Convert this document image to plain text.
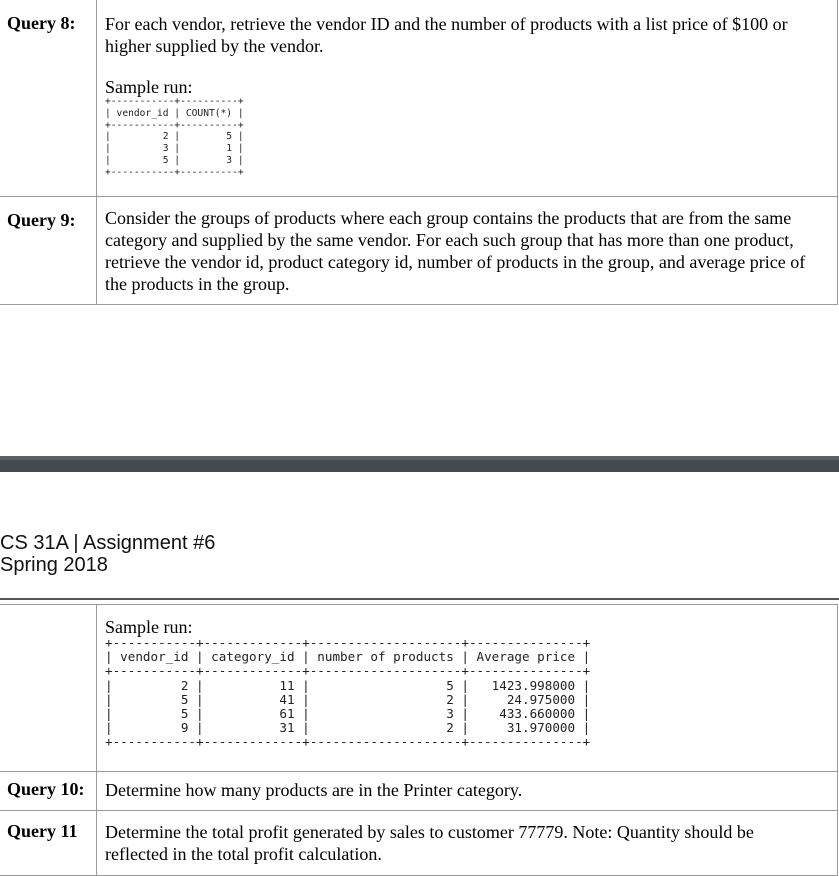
Query 8: For each vendor, retrieve the vendor ID and the number of products with a list price of $100 or
higher supplied by the vendor.
Sample run:
+-----------+----------+
| vendor_id | COUNT(*) |
+-----------+----------+
|         2 |        5 |
|         3 |        1 |
|         5 |        3 |
+-----------+----------+
Query 9: Consider the groups of products where each group contains the products that are from the same
category and supplied by the same vendor. For each such group that has more than one product,
retrieve the vendor id, product category id, number of products in the group, and average price of
the products in the group.
CS 31A | Assignment #6
Spring 2018
Sample run:
+-----------+-------------+--------------------+---------------+
| vendor_id | category_id | number of products | Average price |
+-----------+-------------+--------------------+---------------+
|         2 |          11 |                  5 |   1423.998000 |
|         5 |          41 |                  2 |     24.975000 |
|         5 |          61 |                  3 |    433.660000 |
|         9 |          31 |                  2 |     31.970000 |
+-----------+-------------+--------------------+---------------+
Query 10: Determine how many products are in the Printer category.
Query 11 Determine the total profit generated by sales to customer 77779. Note: Quantity should be
reflected in the total profit calculation.
